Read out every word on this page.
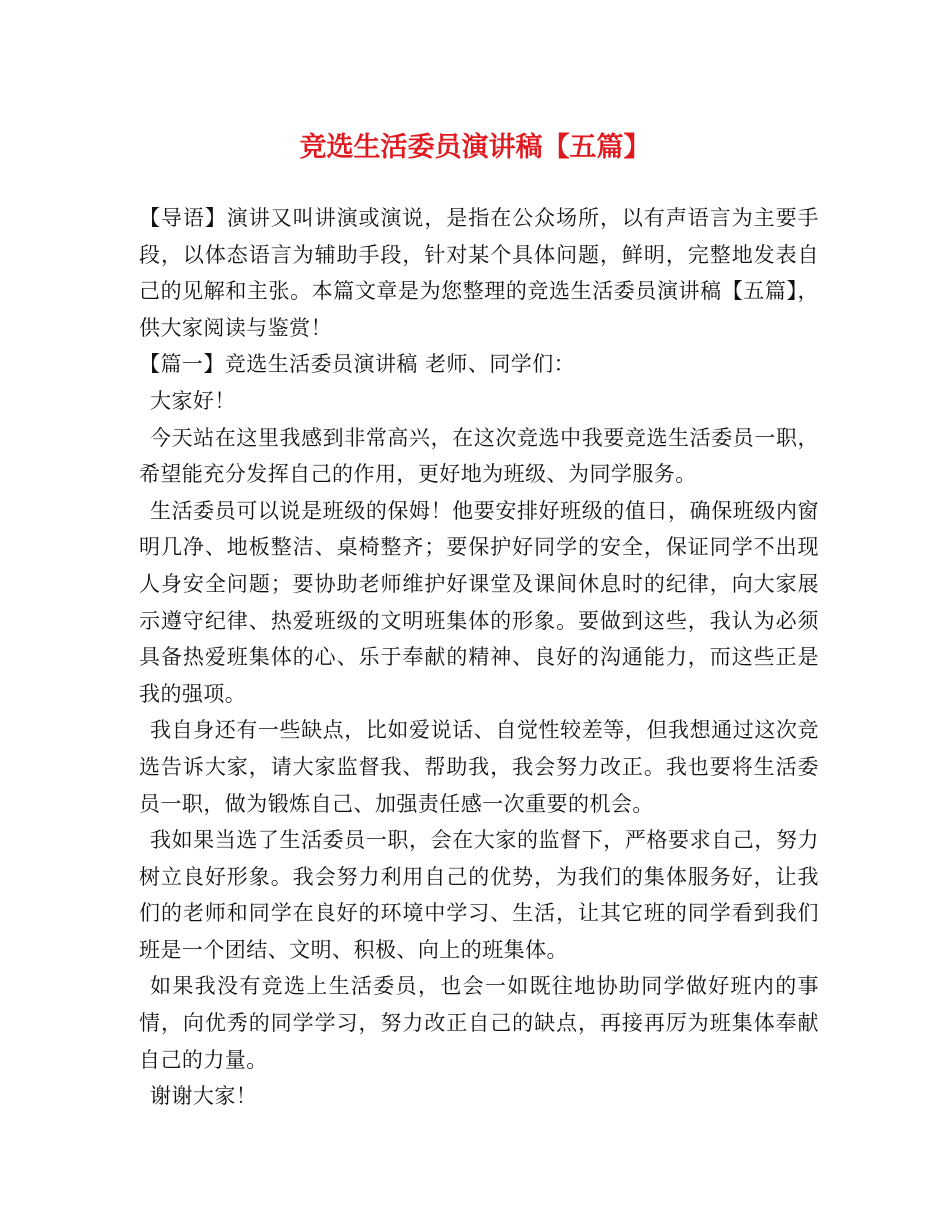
竞选生活委员演讲稿【五篇】

【导语】演讲又叫讲演或演说，是指在公众场所，以有声语言为主要手段，以体态语言为辅助手段，针对某个具体问题，鲜明，完整地发表自己的见解和主张。本篇文章是为您整理的竞选生活委员演讲稿【五篇】，供大家阅读与鉴赏！

【篇一】竞选生活委员演讲稿 老师、同学们：

大家好！

今天站在这里我感到非常高兴，在这次竞选中我要竞选生活委员一职，希望能充分发挥自己的作用，更好地为班级、为同学服务。

生活委员可以说是班级的保姆！他要安排好班级的值日，确保班级内窗明几净、地板整洁、桌椅整齐；要保护好同学的安全，保证同学不出现人身安全问题；要协助老师维护好课堂及课间休息时的纪律，向大家展示遵守纪律、热爱班级的文明班集体的形象。要做到这些，我认为必须具备热爱班集体的心、乐于奉献的精神、良好的沟通能力，而这些正是我的强项。

我自身还有一些缺点，比如爱说话、自觉性较差等，但我想通过这次竞选告诉大家，请大家监督我、帮助我，我会努力改正。我也要将生活委员一职，做为锻炼自己、加强责任感一次重要的机会。

我如果当选了生活委员一职，会在大家的监督下，严格要求自己，努力树立良好形象。我会努力利用自己的优势，为我们的集体服务好，让我们的老师和同学在良好的环境中学习、生活，让其它班的同学看到我们班是一个团结、文明、积极、向上的班集体。

如果我没有竞选上生活委员，也会一如既往地协助同学做好班内的事情，向优秀的同学学习，努力改正自己的缺点，再接再厉为班集体奉献自己的力量。

谢谢大家！
